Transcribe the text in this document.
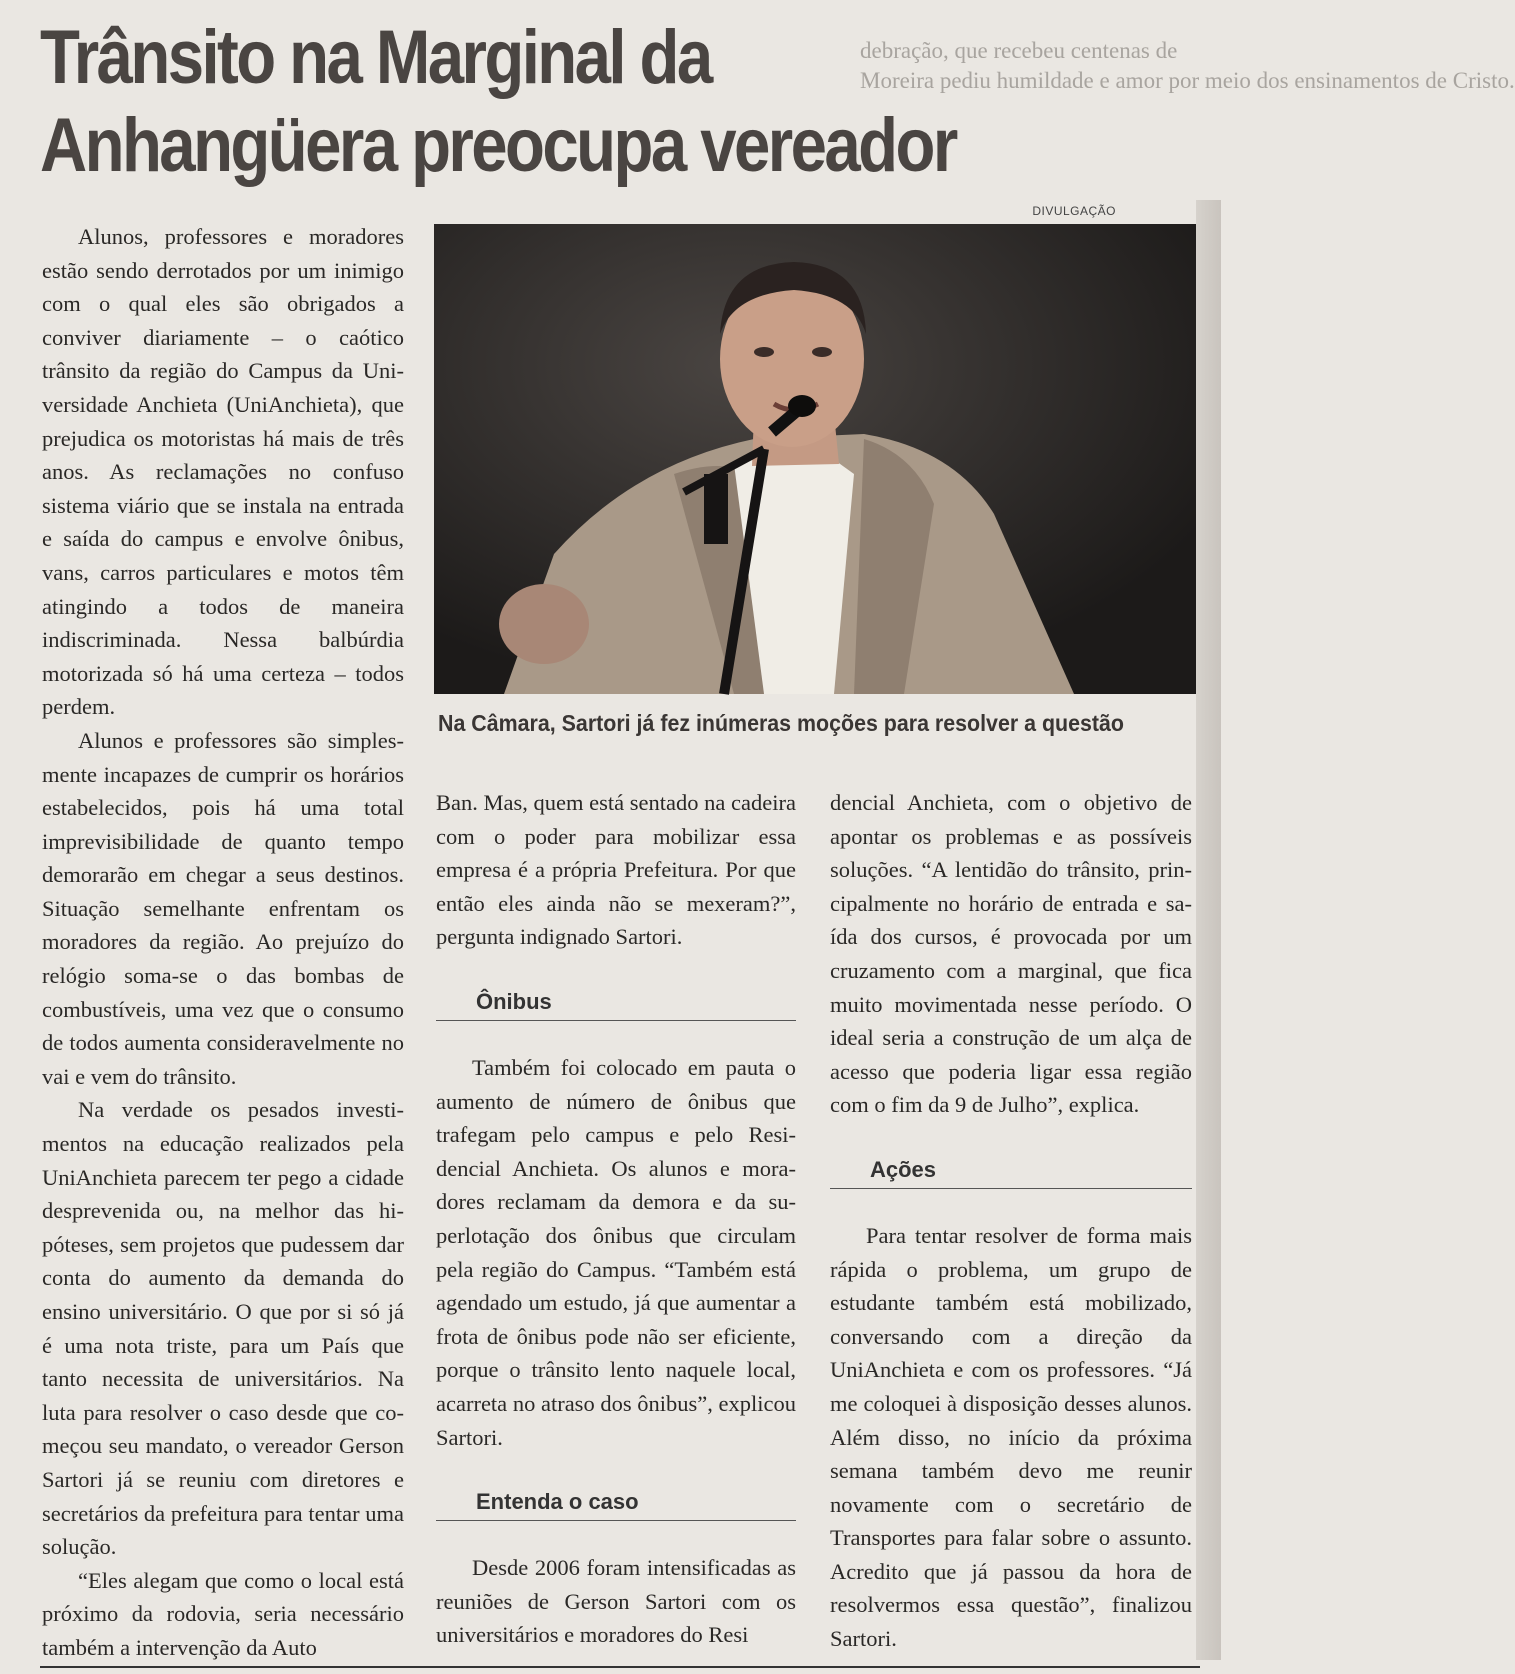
debração, que recebeu centenas de
Moreira pediu humildade e amor por meio dos ensinamentos de Cristo.
Trânsito na Marginal da
Anhangüera preocupa vereador
DIVULGAÇÃO
Na Câmara, Sartori já fez inúmeras moções para resolver a questão

Alunos, professores e moradores estão sendo derrotados por um inimigo com o qual eles são obrigados a conviver diariamente – o caótico trânsito da região do Campus da Universidade Anchieta (UniAnchieta), que prejudica os motoristas há mais de três anos. As reclamações no confuso sistema viário que se instala na entrada e saída do campus e envolve ônibus, vans, carros particulares e motos têm atingindo a todos de maneira indiscriminada. Nessa balbúrdia motorizada só há uma certeza – todos perdem.

Alunos e professores são simplesmente incapazes de cumprir os horários estabelecidos, pois há uma total imprevisibilidade de quanto tempo demorarão em chegar a seus destinos. Situação semelhante enfrentam os moradores da região. Ao prejuízo do relógio soma-se o das bombas de combustíveis, uma vez que o consumo de todos aumenta consideravelmente no vai e vem do trânsito.

Na verdade os pesados investimentos na educação realizados pela UniAnchieta parecem ter pego a cidade desprevenida ou, na melhor das hipóteses, sem projetos que pudessem dar conta do aumento da demanda do ensino universitário. O que por si só já é uma nota triste, para um País que tanto necessita de universitários. Na luta para resolver o caso desde que começou seu mandato, o vereador Gerson Sartori já se reuniu com diretores e secretários da prefeitura para tentar uma solução.

“Eles alegam que como o local está próximo da rodovia, seria necessário também a intervenção da Auto

Ban. Mas, quem está sentado na cadeira com o poder para mobilizar essa empresa é a própria Prefeitura. Por que então eles ainda não se mexeram?”, pergunta indignado Sartori.

Ônibus

Também foi colocado em pauta o aumento de número de ônibus que trafegam pelo campus e pelo Residencial Anchieta. Os alunos e moradores reclamam da demora e da superlotação dos ônibus que circulam pela região do Campus. “Também está agendado um estudo, já que aumentar a frota de ônibus pode não ser eficiente, porque o trânsito lento naquele local, acarreta no atraso dos ônibus”, explicou Sartori.

Entenda o caso

Desde 2006 foram intensificadas as reuniões de Gerson Sartori com os universitários e moradores do Resi

dencial Anchieta, com o objetivo de apontar os problemas e as possíveis soluções. “A lentidão do trânsito, principalmente no horário de entrada e saída dos cursos, é provocada por um cruzamento com a marginal, que fica muito movimentada nesse período. O ideal seria a construção de um alça de acesso que poderia ligar essa região com o fim da 9 de Julho”, explica.

Ações

Para tentar resolver de forma mais rápida o problema, um grupo de estudante também está mobilizado, conversando com a direção da UniAnchieta e com os professores. “Já me coloquei à disposição desses alunos. Além disso, no início da próxima semana também devo me reunir novamente com o secretário de Transportes para falar sobre o assunto. Acredito que já passou da hora de resolvermos essa questão”, finalizou Sartori.
